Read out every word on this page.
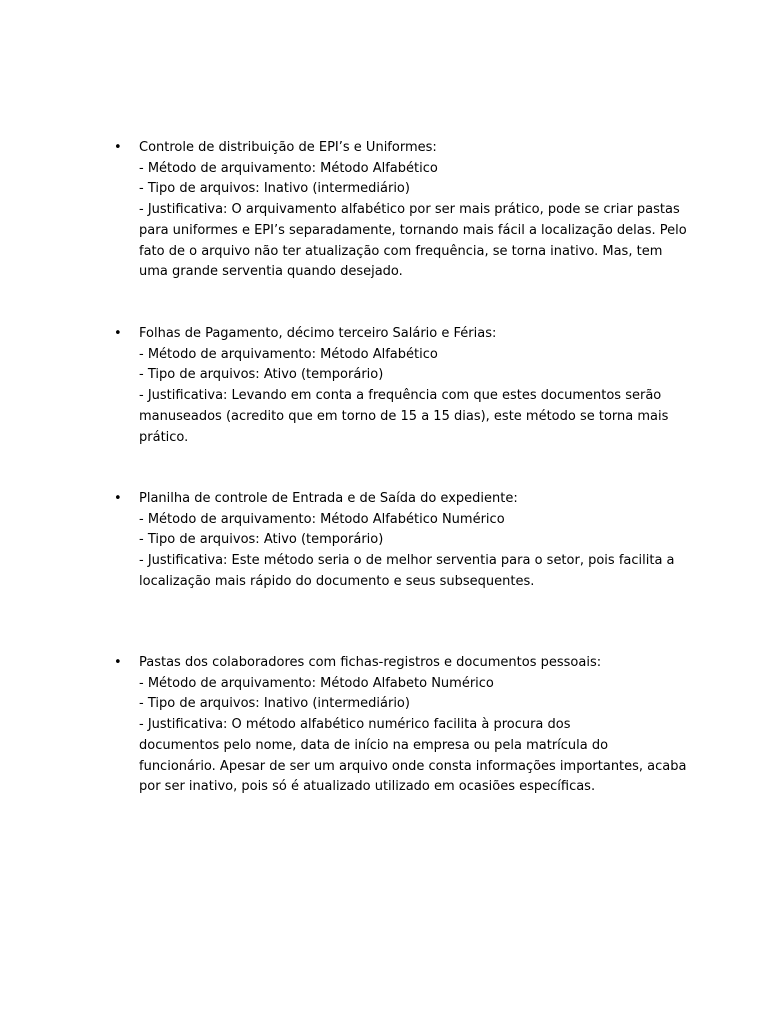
•	Controle de distribuição de EPI’s e Uniformes:

- Método de arquivamento: Método Alfabético

- Tipo de arquivos: Inativo (intermediário)

- Justificativa: O arquivamento alfabético por ser mais prático, pode se criar pastas

para uniformes e EPI’s separadamente, tornando mais fácil a localização delas. Pelo

fato de o arquivo não ter atualização com frequência, se torna inativo. Mas, tem

uma grande serventia quando desejado.

•	Folhas de Pagamento, décimo terceiro Salário e Férias:

- Método de arquivamento: Método Alfabético

- Tipo de arquivos: Ativo (temporário)

- Justificativa: Levando em conta a frequência com que estes documentos serão

manuseados (acredito que em torno de 15 a 15 dias), este método se torna mais

prático.

•	Planilha de controle de Entrada e de Saída do expediente:

- Método de arquivamento: Método Alfabético Numérico

- Tipo de arquivos: Ativo (temporário)

- Justificativa: Este método seria o de melhor serventia para o setor, pois facilita a

localização mais rápido do documento e seus subsequentes.

•	Pastas dos colaboradores com fichas-registros e documentos pessoais:

- Método de arquivamento: Método Alfabeto Numérico

- Tipo de arquivos: Inativo (intermediário)

- Justificativa: O método alfabético numérico facilita à procura dos

documentos pelo nome, data de início na empresa ou pela matrícula do

funcionário. Apesar de ser um arquivo onde consta informações importantes, acaba

por ser inativo, pois só é atualizado utilizado em ocasiões específicas.
